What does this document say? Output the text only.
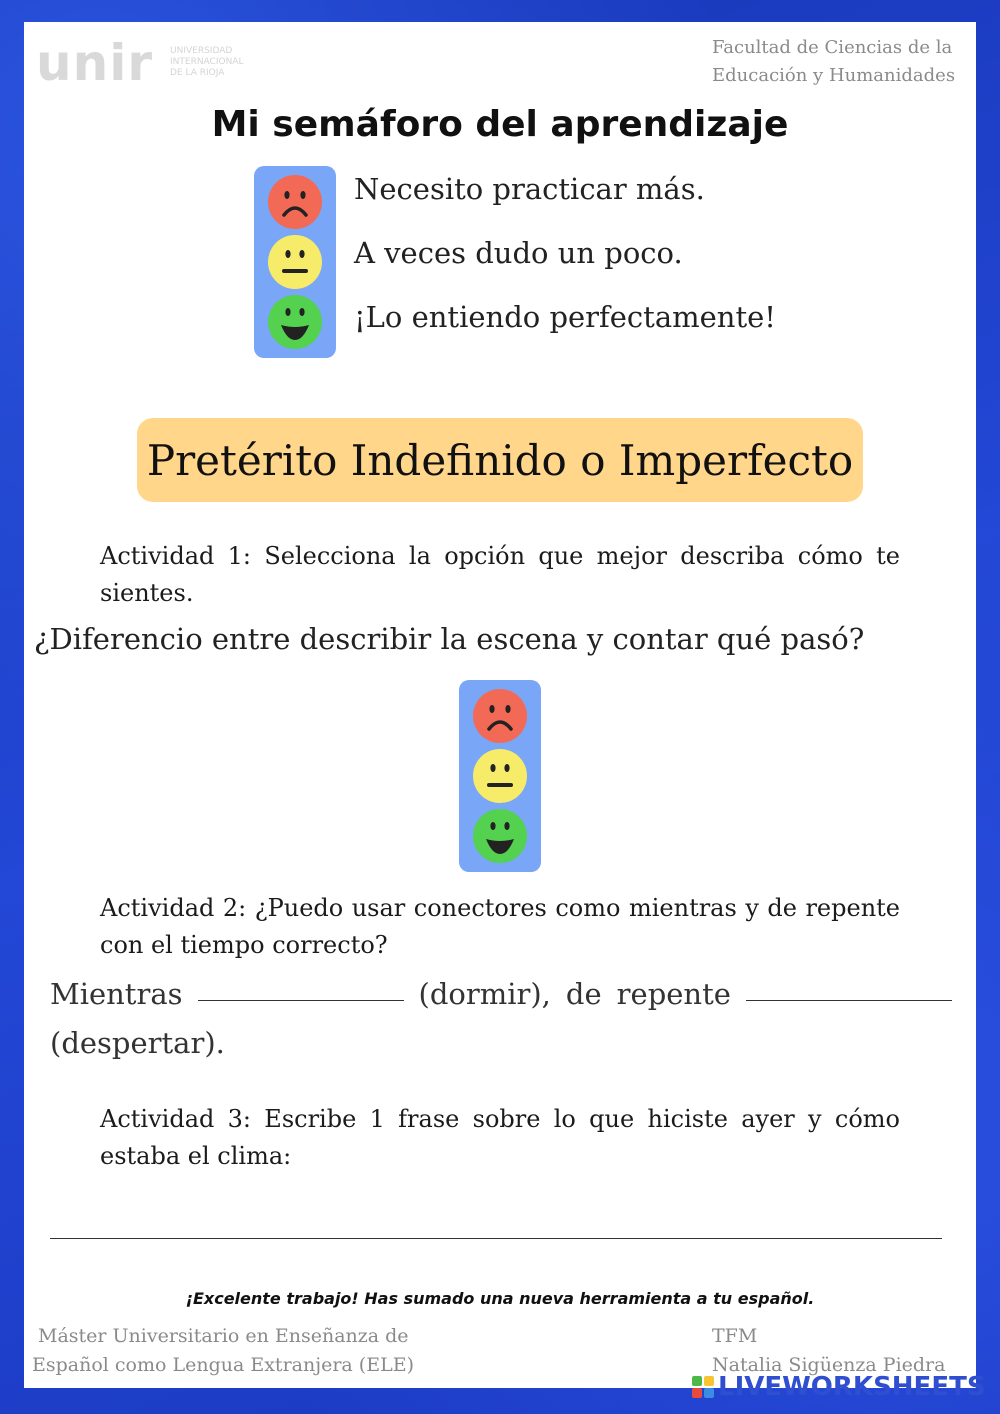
unir UNIVERSIDAD
INTERNACIONAL
DE LA RIOJA
Facultad de Ciencias de la
Educación y Humanidades
Mi semáforo del aprendizaje
Necesito practicar más.
A veces dudo un poco.
¡Lo entiendo perfectamente!
Pretérito Indefinido o Imperfecto
Actividad 1: Selecciona la opción que mejor describa cómo te sientes.
¿Diferencio entre describir la escena y contar qué pasó?
Actividad 2: ¿Puedo usar conectores como mientras y de repente con el tiempo correcto?
Mientras	(dormir), de repente
(despertar).
Actividad 3: Escribe 1 frase sobre lo que hiciste ayer y cómo estaba el clima:
¡Excelente trabajo! Has sumado una nueva herramienta a tu español.
Máster Universitario en Enseñanza de
Español como Lengua Extranjera (ELE)
TFM
Natalia Sigüenza Piedra
LIVEWORKSHEETS
